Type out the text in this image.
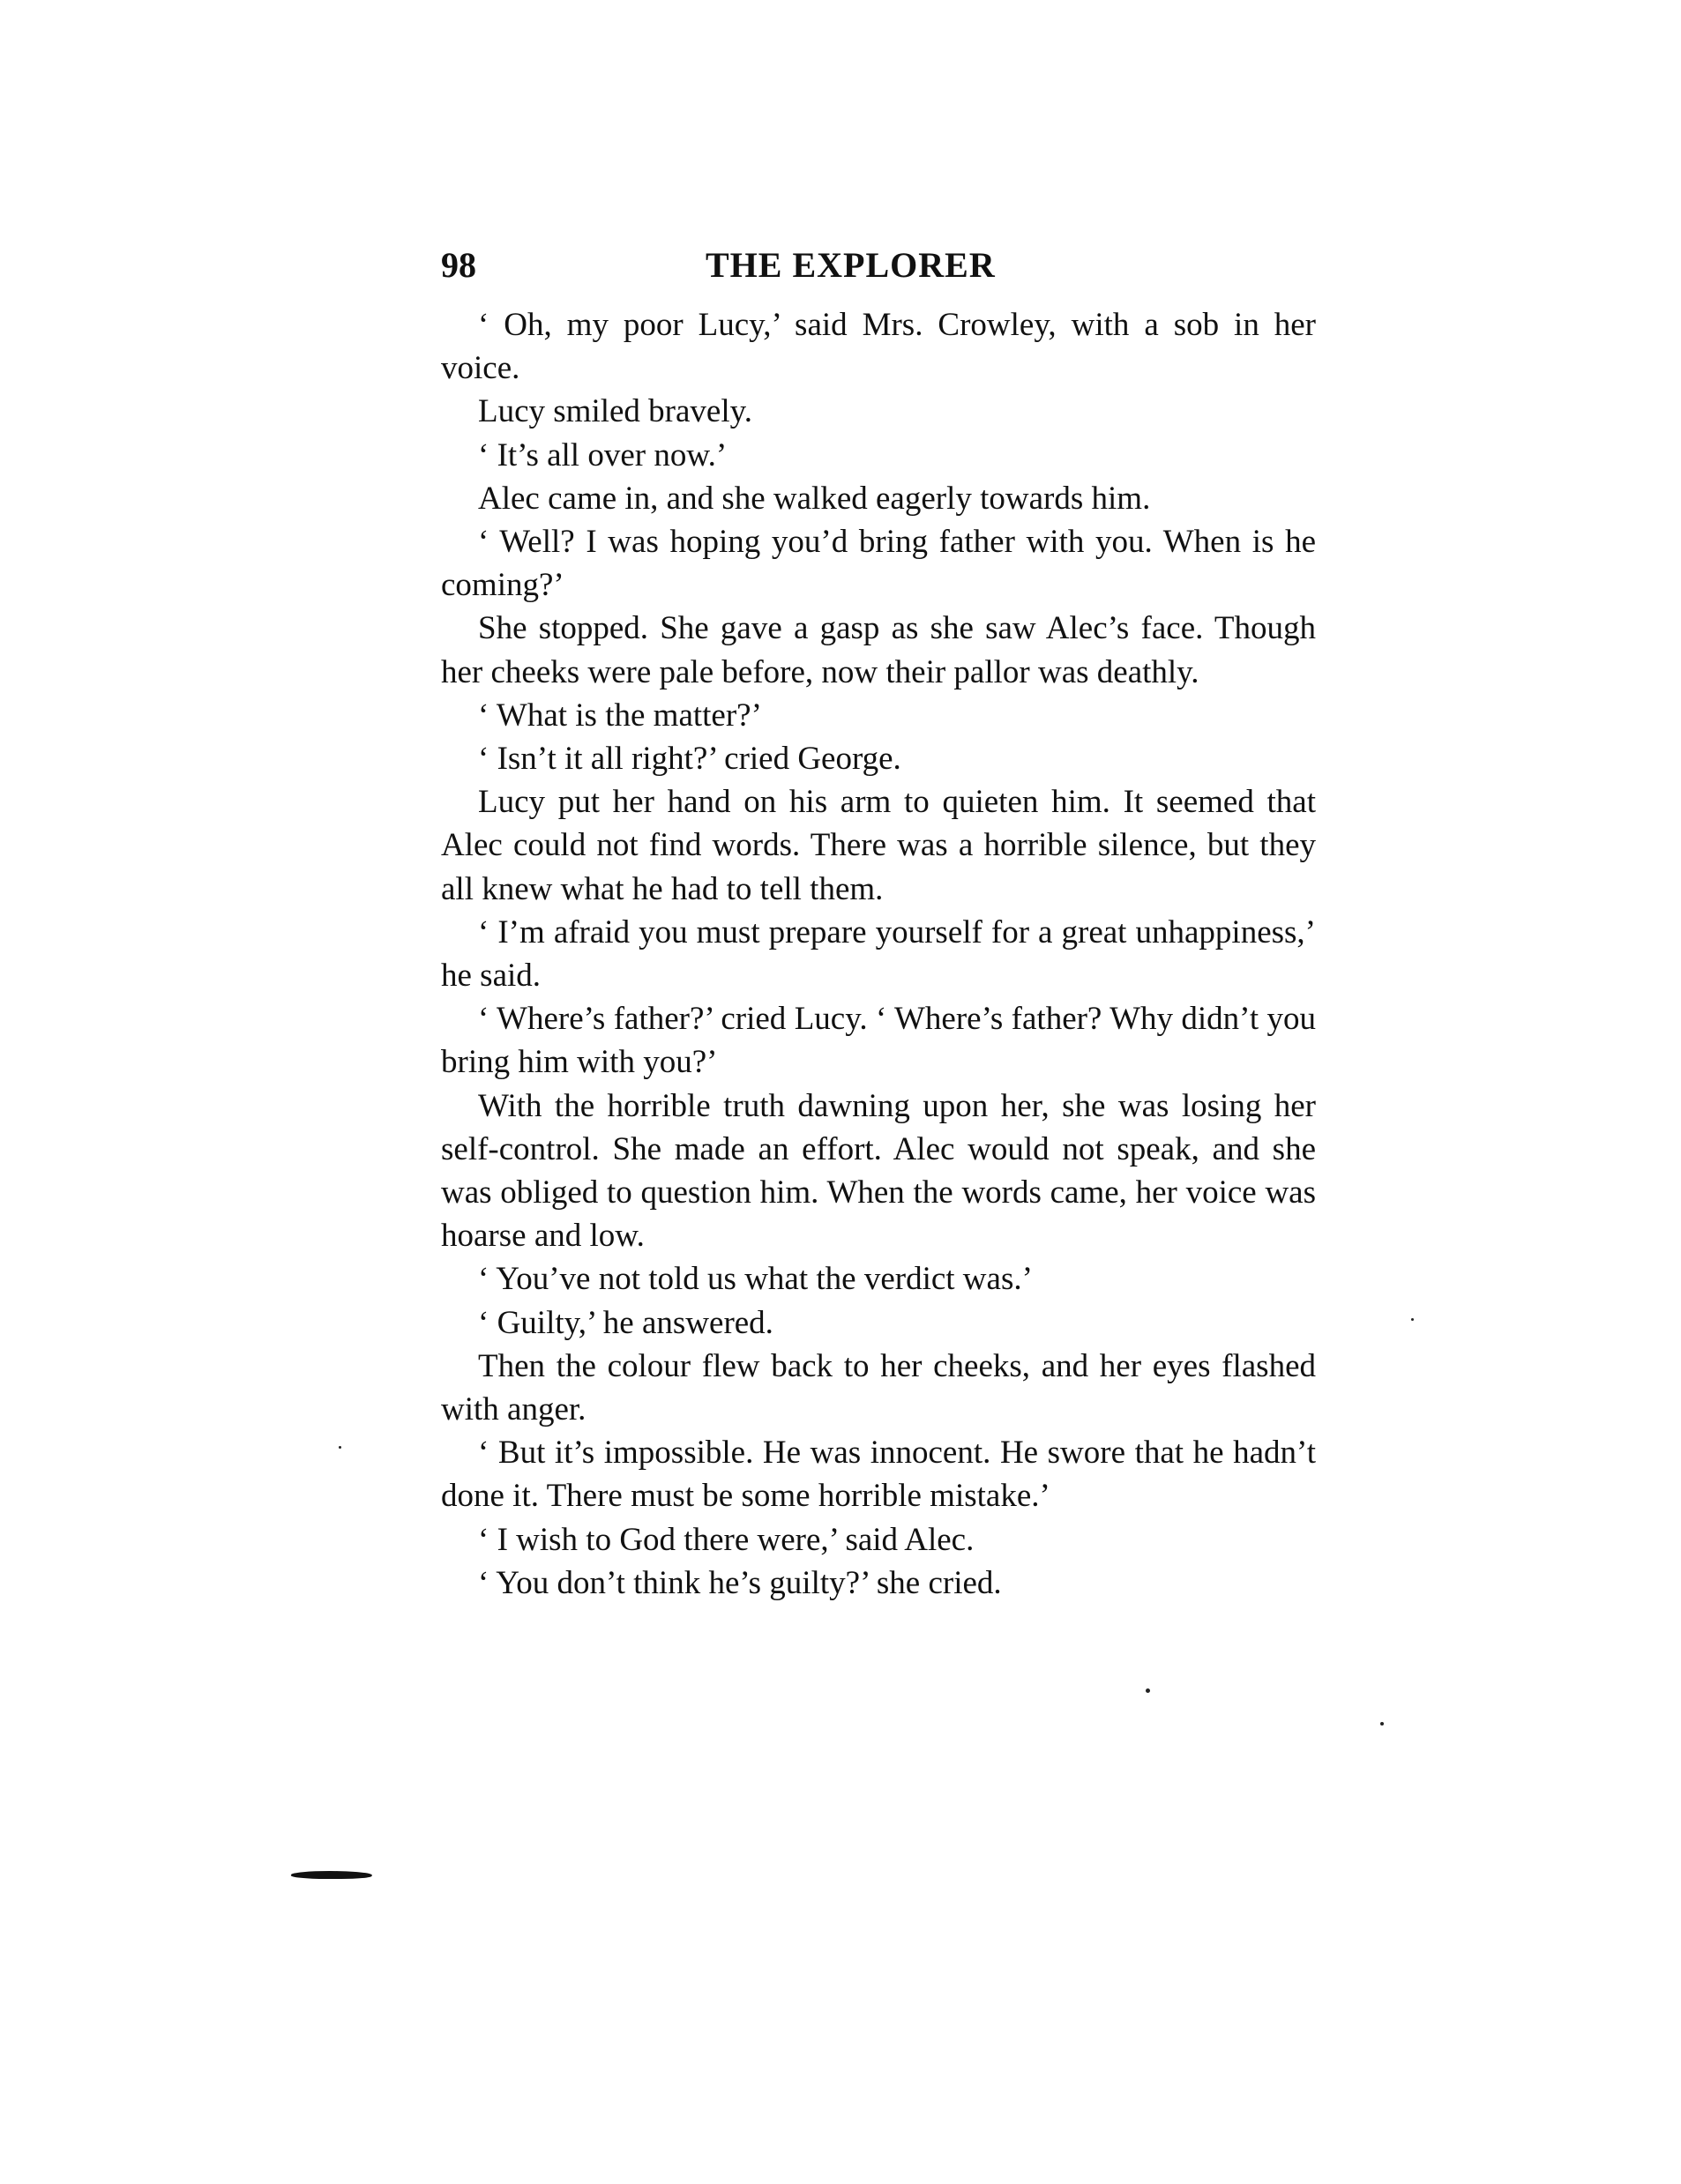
98	THE EXPLORER

‘ Oh, my poor Lucy,’ said Mrs. Crowley, with a sob in her voice.

Lucy smiled bravely.

‘ It’s all over now.’

Alec came in, and she walked eagerly towards him.

‘ Well? I was hoping you’d bring father with you. When is he coming?’

She stopped. She gave a gasp as she saw Alec’s face. Though her cheeks were pale before, now their pallor was deathly.

‘ What is the matter?’

‘ Isn’t it all right?’ cried George.

Lucy put her hand on his arm to quieten him. It seemed that Alec could not find words. There was a horrible silence, but they all knew what he had to tell them.

‘ I’m afraid you must prepare yourself for a great unhappiness,’ he said.

‘ Where’s father?’ cried Lucy. ‘ Where’s father? Why didn’t you bring him with you?’

With the horrible truth dawning upon her, she was losing her self-control. She made an effort. Alec would not speak, and she was obliged to question him. When the words came, her voice was hoarse and low.

‘ You’ve not told us what the verdict was.’

‘ Guilty,’ he answered.

Then the colour flew back to her cheeks, and her eyes flashed with anger.

‘ But it’s impossible. He was innocent. He swore that he hadn’t done it. There must be some horrible mistake.’

‘ I wish to God there were,’ said Alec.

‘ You don’t think he’s guilty?’ she cried.
